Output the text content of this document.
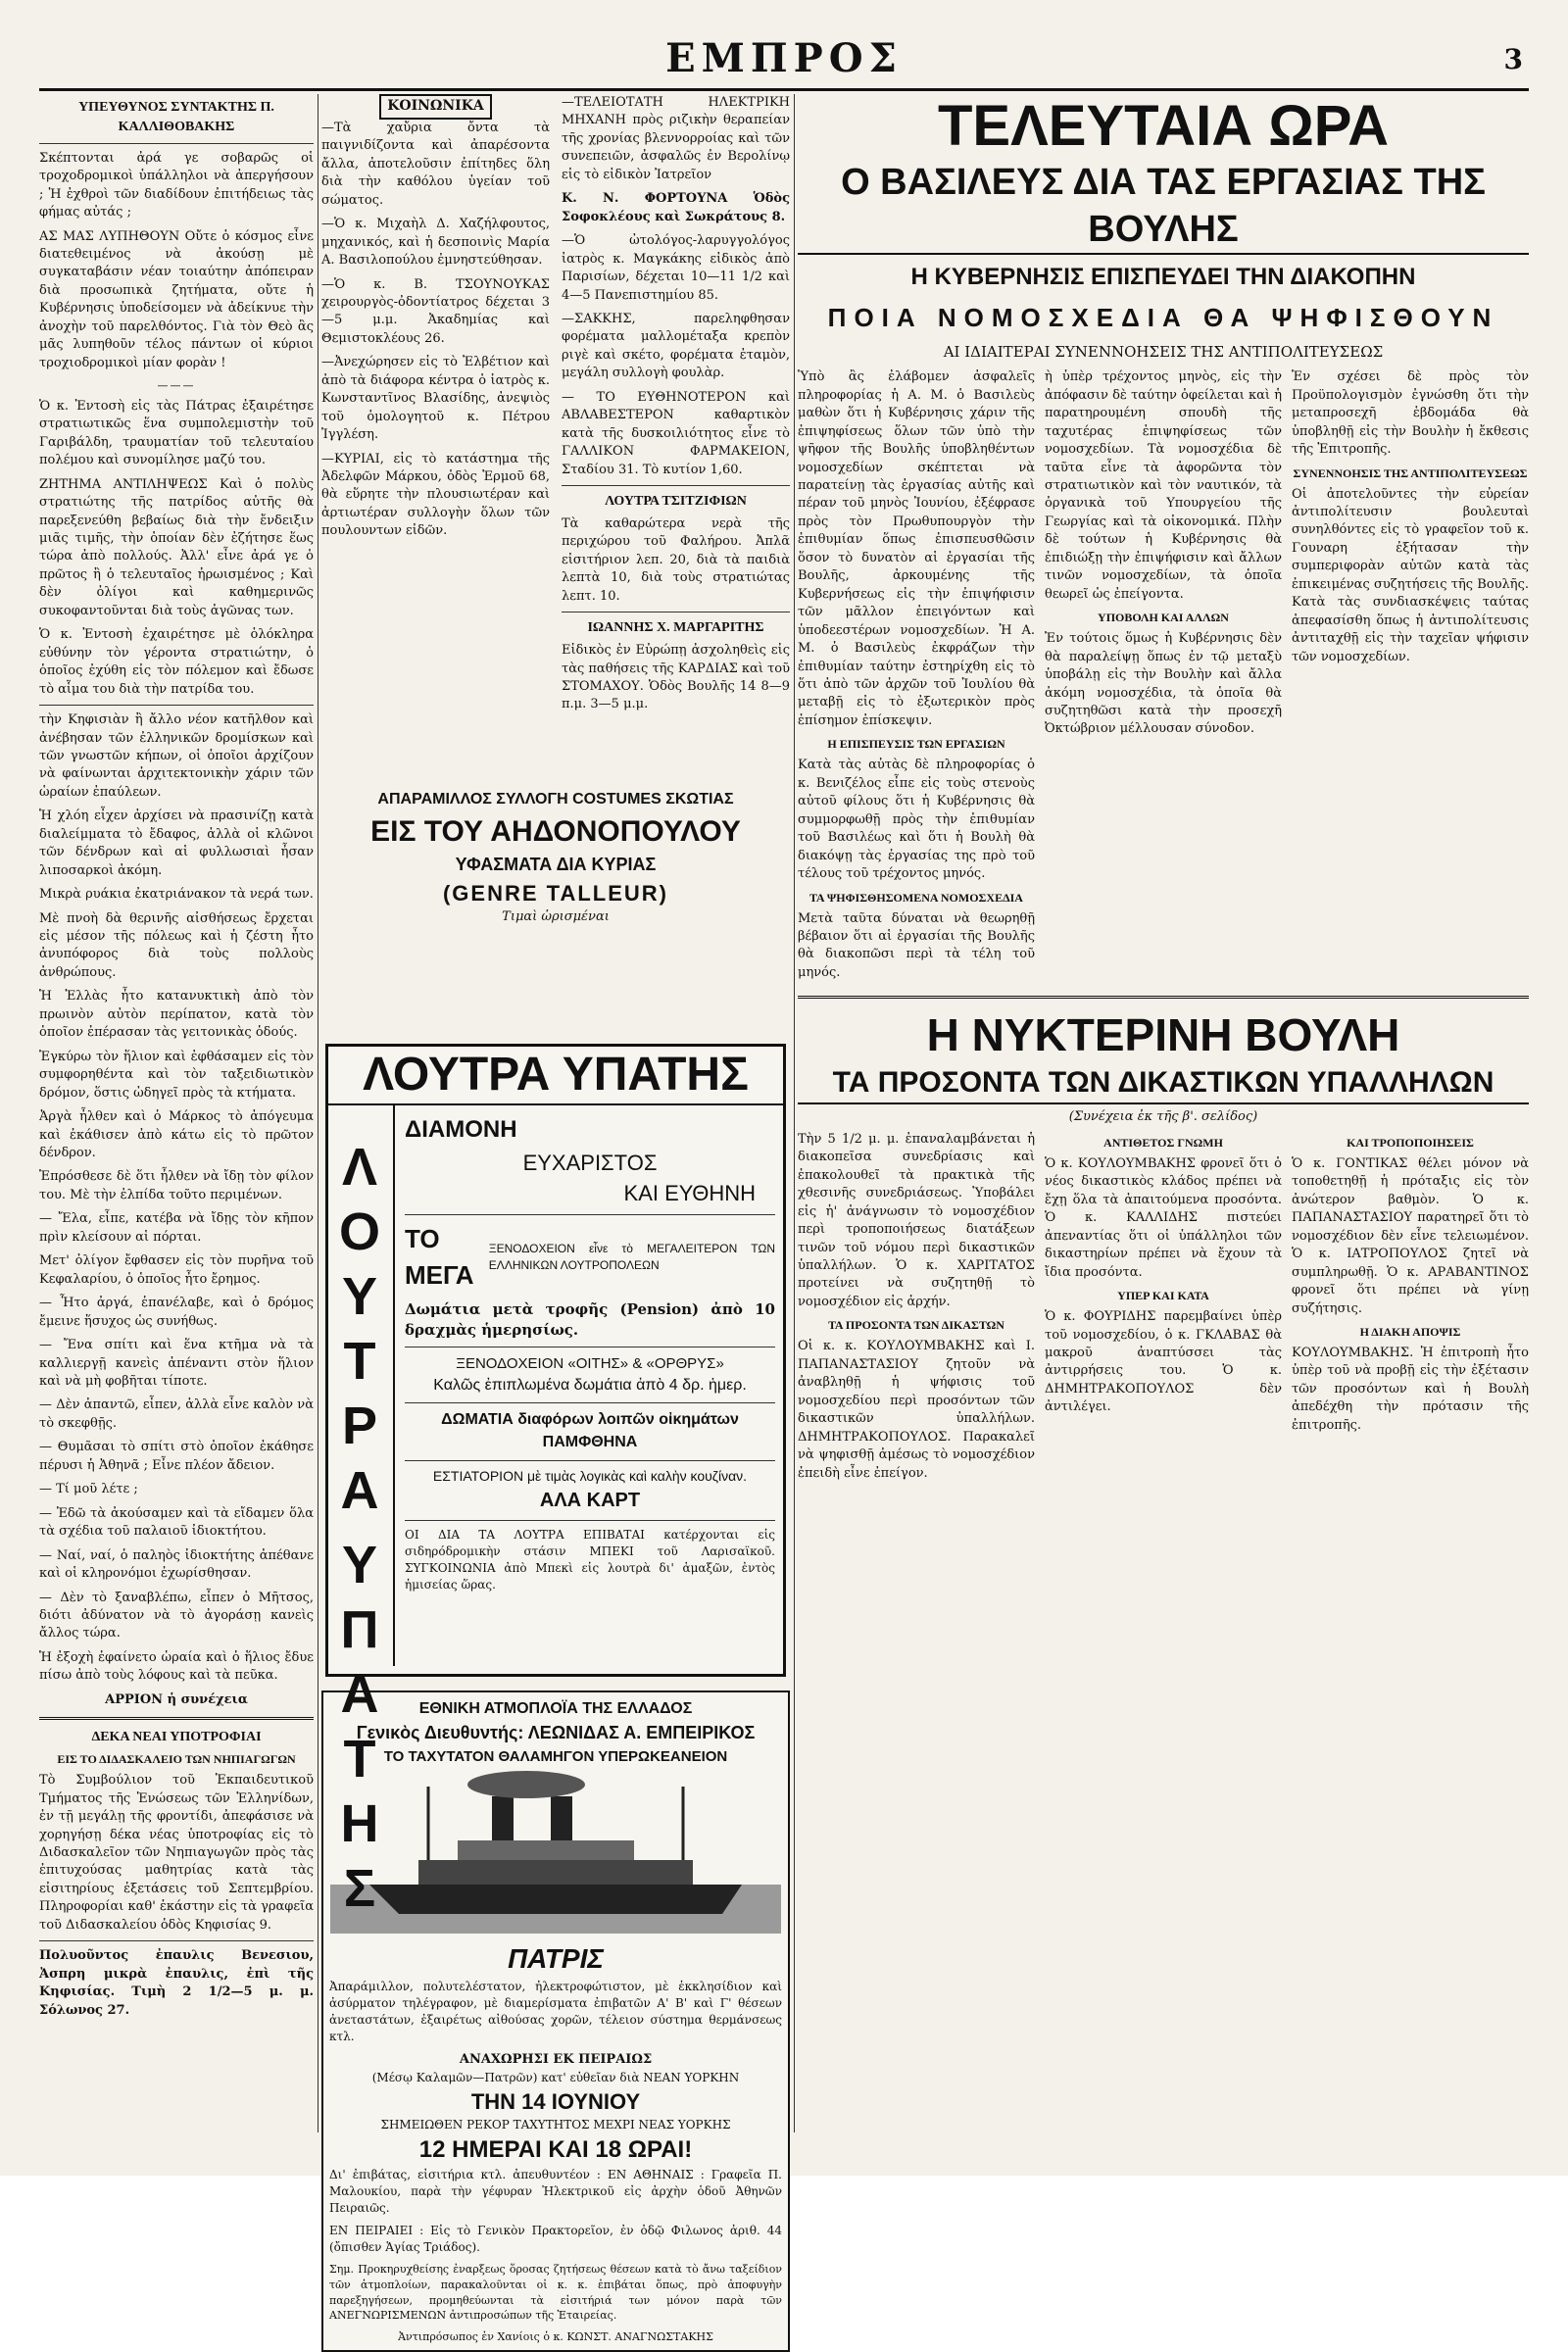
ΕΜΠΡΟΣ	3
ΥΠΕΥΘΥΝΟΣ ΣΥΝΤΑΚΤΗΣ Π. ΚΑΛΛΙΘΟΒΑΚΗΣ

Σκέπτονται ἀρά γε σοβαρῶς οἱ τροχοδρομικοὶ ὑπάλληλοι νὰ ἀπεργήσουν ; Ἡ ἐχθροὶ τῶν διαδίδουν ἐπιτήδειως τὰς φήμας αὐτάς ;

ΑΣ ΜΑΣ ΛΥΠΗΘΟΥΝ Οὔτε ὁ κόσμος εἶνε διατεθειμένος νὰ ἀκούσῃ μὲ συγκαταβάσιν νέαν τοιαύτην ἀπόπειραν διὰ προσωπικὰ ζητήματα, οὔτε ἡ Κυβέρνησις ὑποδείσομεν νὰ ἀδείκνυε τὴν ἀνοχὴν τοῦ παρελθόντος. Γιὰ τὸν Θεὸ ἂς μᾶς λυπηθοῦν τέλος πάντων οἱ κύριοι τροχιοδρομικοὶ μίαν φορὰν !

———

Ὁ κ. Ἐντοσὴ εἰς τὰς Πάτρας ἐξαιρέτησε στρατιωτικῶς ἕνα συμπολεμιστὴν τοῦ Γαριβάλδη, τραυματίαν τοῦ τελευταίου πολέμου καὶ συνομίλησε μαζύ του.

ΖΗΤΗΜΑ ΑΝΤΙΛΗΨΕΩΣ Καὶ ὁ πολὺς στρατιώτης τῆς πατρίδος αὐτῆς θὰ παρεξενεύθη βεβαίως διὰ τὴν ἔνδειξιν μιᾶς τιμῆς, τὴν ὁποίαν δὲν ἐζήτησε ἕως τώρα ἀπὸ πολλούς. Ἀλλ' εἶνε ἀρά γε ὁ πρῶτος ἢ ὁ τελευταῖος ἠρωισμένος ; Καὶ δὲν ὀλίγοι καὶ καθημερινῶς συκοφαντοῦνται διὰ τοὺς ἀγῶνας των.

Ὁ κ. Ἐντοσὴ ἐχαιρέτησε μὲ ὁλόκληρα εὐθύνην τὸν γέροντα στρατιώτην, ὁ ὁποῖος ἐχύθη εἰς τὸν πόλεμον καὶ ἔδωσε τὸ αἷμα του διὰ τὴν πατρίδα του.

τὴν Κηφισιὰν ἢ ἄλλο νέον κατῆλθον καὶ ἀνέβησαν τῶν ἐλληνικῶν δρομίσκων καὶ τῶν γνωστῶν κήπων, οἱ ὁποῖοι ἀρχίζουν νὰ φαίνωνται ἀρχιτεκτονικὴν χάριν τῶν ὡραίων ἐπαύλεων.

Ἡ χλόη εἶχεν ἀρχίσει νὰ πρασινίζῃ κατὰ διαλείμματα τὸ ἔδαφος, ἀλλὰ οἱ κλῶνοι τῶν δένδρων καὶ αἱ φυλλωσιαὶ ἦσαν λιποσαρκοὶ ἀκόμη.

Μικρὰ ρυάκια ἐκατριάνακον τὰ νερά των.

Μὲ πνοὴ δὰ θερινῆς αἰσθήσεως ἔρχεται εἰς μέσον τῆς πόλεως καὶ ἡ ζέστη ἦτο ἀνυπόφορος διὰ τοὺς πολλοὺς ἀνθρώπους.

Ἡ Ἑλλὰς ἦτο κατανυκτικὴ ἀπὸ τὸν πρωινὸν αὐτὸν περίπατον, κατὰ τὸν ὁποῖον ἐπέρασαν τὰς γειτονικὰς ὁδούς.

Ἐγκύρω τὸν ἥλιον καὶ ἐφθάσαμεν εἰς τὸν συμφορηθέντα καὶ τὸν ταξειδιωτικὸν δρόμον, ὅστις ὠδηγεῖ πρὸς τὰ κτήματα.

Ἀργὰ ἦλθεν καὶ ὁ Μάρκος τὸ ἀπόγευμα καὶ ἐκάθισεν ἀπὸ κάτω εἰς τὸ πρῶτον δένδρον.

Ἐπρόσθεσε δὲ ὅτι ἦλθεν νὰ ἴδῃ τὸν φίλον του. Μὲ τὴν ἐλπίδα τοῦτο περιμένων.

— Ἔλα, εἶπε, κατέβα νὰ ἴδῃς τὸν κῆπον πρὶν κλείσουν αἱ πόρται.

Μετ' ὀλίγον ἔφθασεν εἰς τὸν πυρῆνα τοῦ Κεφαλαρίου, ὁ ὁποῖος ἦτο ἔρημος.

— Ἦτο ἀργά, ἐπανέλαβε, καὶ ὁ δρόμος ἔμεινε ἥσυχος ὡς συνήθως.

— Ἔνα σπίτι καὶ ἕνα κτῆμα νὰ τὰ καλλιεργῇ κανεὶς ἀπέναντι στὸν ἥλιον καὶ νὰ μὴ φοβῆται τίποτε.

— Δὲν ἀπαντῶ, εἶπεν, ἀλλὰ εἶνε καλὸν νὰ τὸ σκεφθῇς.

— Θυμᾶσαι τὸ σπίτι στὸ ὁποῖον ἐκάθησε πέρυσι ἡ Ἀθηνᾶ ; Εἶνε πλέον ἄδειον.

— Τί μοῦ λέτε ;

— Ἐδῶ τὰ ἀκούσαμεν καὶ τὰ εἴδαμεν ὅλα τὰ σχέδια τοῦ παλαιοῦ ἰδιοκτήτου.

— Ναί, ναί, ὁ παληὸς ἰδιοκτήτης ἀπέθανε καὶ οἱ κληρονόμοι ἐχωρίσθησαν.

— Δὲν τὸ ξαναβλέπω, εἶπεν ὁ Μῆτσος, διότι ἀδύνατον νὰ τὸ ἀγοράσῃ κανεὶς ἄλλος τώρα.

Ἡ ἐξοχὴ ἐφαίνετο ὡραία καὶ ὁ ἥλιος ἔδυε πίσω ἀπὸ τοὺς λόφους καὶ τὰ πεῦκα.

ΑΡΡΙΟΝ ἡ συνέχεια
ΔΕΚΑ ΝΕΑΙ ΥΠΟΤΡΟΦΙΑΙ
ΕΙΣ ΤΟ ΔΙΔΑΣΚΑΛΕΙΟ ΤΩΝ ΝΗΠΙΑΓΩΓΩΝ

Τὸ Συμβούλιον τοῦ Ἐκπαιδευτικοῦ Τμήματος τῆς Ἑνώσεως τῶν Ἑλληνίδων, ἐν τῇ μεγάλῃ τῆς φροντίδι, ἀπεφάσισε νὰ χορηγήσῃ δέκα νέας ὑποτροφίας εἰς τὸ Διδασκαλεῖον τῶν Νηπιαγωγῶν πρὸς τὰς ἐπιτυχούσας μαθητρίας κατὰ τὰς εἰσιτηρίους ἐξετάσεις τοῦ Σεπτεμβρίου. Πληροφορίαι καθ' ἑκάστην εἰς τὰ γραφεῖα τοῦ Διδασκαλείου ὁδὸς Κηφισίας 9.

Πολυοῦντος ἐπαυλις Βενεσιου, Ἀσπρη μικρὰ ἐπαυλις, ἐπὶ τῆς Κηφισίας. Τιμὴ 2 1/2—5 μ. μ. Σόλωνος 27.

ΚΟΙΝΩΝΙΚΑ

—Τὰ χαὔρια ὄντα τὰ παιγνιδίζοντα καὶ ἀπαρέσοντα ἄλλα, ἀποτελοῦσιν ἐπίτηδες ὅλη διὰ τὴν καθόλου ὑγείαν τοῦ σώματος.

—Ὁ κ. Μιχαὴλ Δ. Χαζήλφουτος, μηχανικός, καὶ ἡ δεσποινὶς Μαρία Α. Βασιλοπούλου ἐμνηστεύθησαν.

—Ὁ κ. Β. ΤΣΟΥΝΟΥΚΑΣ χειρουργὸς-ὀδοντίατρος δέχεται 3—5 μ.μ. Ἀκαδημίας καὶ Θεμιστοκλέους 26.

—Ἀνεχώρησεν εἰς τὸ Ἐλβέτιον καὶ ἀπὸ τὰ διάφορα κέντρα ὁ ἰατρὸς κ. Κωνσταντῖνος Βλασίδης, ἀνεψιὸς τοῦ ὁμολογητοῦ κ. Πέτρου Ἰγγλέση.

—ΚΥΡΙΑΙ, εἰς τὸ κατάστημα τῆς Ἀδελφῶν Μάρκου, ὁδὸς Ἑρμοῦ 68, θὰ εὕρητε τὴν πλουσιωτέραν καὶ ἀρτιωτέραν συλλογὴν ὅλων τῶν πουλουντων εἰδῶν.

—ΤΕΛΕΙΟΤΑΤΗ ΗΛΕΚΤΡΙΚΗ ΜΗΧΑΝΗ πρὸς ριζικὴν θεραπείαν τῆς χρονίας βλεννορροίας καὶ τῶν συνεπειῶν, ἀσφαλῶς ἐν Βερολίνῳ εἰς τὸ εἰδικὸν Ἰατρεῖον

Κ. Ν. ΦΟΡΤΟΥΝΑ Ὁδὸς Σοφοκλέους καὶ Σωκράτους 8.

—Ὁ ὠτολόγος-λαρυγγολόγος ἰατρὸς κ. Μαγκάκης εἰδικὸς ἀπὸ Παρισίων, δέχεται 10—11 1/2 καὶ 4—5 Πανεπιστημίου 85.

—ΣΑΚΚΗΣ, παρεληφθησαν φορέματα μαλλομέταξα κρεπὸν ριγὲ καὶ σκέτο, φορέματα ἐταμὸν, μεγάλη συλλογὴ φουλὰρ.

— ΤΟ ΕΥΘΗΝΟΤΕΡΟΝ καὶ ΑΒΛΑΒΕΣΤΕΡΟΝ καθαρτικὸν κατὰ τῆς δυσκοιλιότητος εἶνε τὸ ΓΑΛΛΙΚΟΝ ΦΑΡΜΑΚΕΙΟΝ, Σταδίου 31. Τὸ κυτίον 1,60.

ΛΟΥΤΡΑ ΤΣΙΤΖΙΦΙΩΝ

Τὰ καθαρώτερα νερὰ τῆς περιχώρου τοῦ Φαλήρου. Ἀπλᾶ εἰσιτήριον λεπ. 20, διὰ τὰ παιδιὰ λεπτὰ 10, διὰ τοὺς στρατιώτας λεπτ. 10.

ΙΩΑΝΝΗΣ Χ. ΜΑΡΓΑΡΙΤΗΣ

Εἰδικὸς ἐν Εὐρώπῃ ἀσχοληθεὶς εἰς τὰς παθήσεις τῆς ΚΑΡΔΙΑΣ καὶ τοῦ ΣΤΟΜΑΧΟΥ. Ὁδὸς Βουλῆς 14 8—9 π.μ. 3—5 μ.μ.

ΑΠΑΡΑΜΙΛΛΟΣ ΣΥΛΛΟΓΗ COSTUMES ΣΚΩΤΙΑΣ
ΕΙΣ ΤΟΥ ΑΗΔΟΝΟΠΟΥΛΟΥ
ΥΦΑΣΜΑΤΑ ΔΙΑ ΚΥΡΙΑΣ
(GENRE TALLEUR)
Τιμαὶ ὡρισμέναι
ΛΟΥΤΡΑ ΥΠΑΤΗΣ
Λ
Ο
Υ
Τ
Ρ
Α
Υ
Π
Α
Τ
Η
Σ
ΔΙΑΜΟΝΗ
ΕΥΧΑΡΙΣΤΟΣ
ΚΑΙ ΕΥΘΗΝΗ
ΤΟ ΜΕΓΑ
ΞΕΝΟΔΟΧΕΙΟΝ εἶνε τὸ ΜΕΓΑΛΕΙΤΕΡΟΝ ΤΩΝ ΕΛΛΗΝΙΚΩΝ ΛΟΥΤΡΟΠΟΛΕΩΝ
Δωμάτια μετὰ τροφῆς (Pension) ἀπὸ 10 δραχμὰς ἡμερησίως.
ΞΕΝΟΔΟΧΕΙΟΝ «ΟΙΤΗΣ» & «ΟΡΘΡΥΣ»
Καλῶς ἐπιπλωμένα δωμάτια ἀπὸ 4 δρ. ἡμερ.
ΔΩΜΑΤΙΑ διαφόρων λοιπῶν οἰκημάτων ΠΑΜΦΘΗΝΑ
ΕΣΤΙΑΤΟΡΙΟΝ μὲ τιμὰς λογικὰς καὶ καλὴν κουζίναν.
ΑΛΑ ΚΑΡΤ
ΟΙ ΔΙΑ ΤΑ ΛΟΥΤΡΑ ΕΠΙΒΑΤΑΙ κατέρχονται εἰς σιδηρόδρομικὴν στάσιν ΜΠΕΚΙ τοῦ Λαρισαϊκοῦ. ΣΥΓΚΟΙΝΩΝΙΑ ἀπὸ Μπεκὶ εἰς λουτρὰ δι' ἁμαξῶν, ἐντὸς ἡμισείας ὥρας.
ΕΘΝΙΚΗ ΑΤΜΟΠΛΟΪΑ ΤΗΣ ΕΛΛΑΔΟΣ
Γενικὸς Διευθυντής: ΛΕΩΝΙΔΑΣ Α. ΕΜΠΕΙΡΙΚΟΣ
ΤΟ ΤΑΧΥΤΑΤΟΝ ΘΑΛΑΜΗΓΟΝ ΥΠΕΡΩΚΕΑΝΕΙΟΝ
ΠΑΤΡΙΣ

Ἀπαράμιλλον, πολυτελέστατον, ἠλεκτροφώτιστον, μὲ ἐκκλησίδιον καὶ ἀσύρματον τηλέγραφον, μὲ διαμερίσματα ἐπιβατῶν Α' Β' καὶ Γ' θέσεων ἀνεταστάτων, ἐξαιρέτως αἰθούσας χορῶν, τέλειον σύστημα θερμάνσεως κτλ.

ΑΝΑΧΩΡΗΣΙ ΕΚ ΠΕΙΡΑΙΩΣ
(Μέσῳ Καλαμῶν—Πατρῶν) κατ' εὐθεῖαν διὰ ΝΕΑΝ ΥΟΡΚΗΝ
ΤΗΝ 14 ΙΟΥΝΙΟΥ
ΣΗΜΕΙΩΘΕΝ ΡΕΚΟΡ ΤΑΧΥΤΗΤΟΣ ΜΕΧΡΙ ΝΕΑΣ ΥΟΡΚΗΣ
12 ΗΜΕΡΑΙ ΚΑΙ 18 ΩΡΑΙ!

Δι' ἐπιβάτας, εἰσιτήρια κτλ. ἀπευθυντέον : ΕΝ ΑΘΗΝΑΙΣ : Γραφεῖα Π. Μαλουκίου, παρὰ τὴν γέφυραν Ἠλεκτρικοῦ εἰς ἀρχὴν ὁδοῦ Ἀθηνῶν Πειραιῶς.

ΕΝ ΠΕΙΡΑΙΕΙ : Εἰς τὸ Γενικὸν Πρακτορεῖον, ἐν ὁδῷ Φιλωνος ἀριθ. 44 (ὄπισθεν Ἁγίας Τριάδος).

Σημ. Προκηρυχθείσης ἐναρξεως ὅροσας ζητήσεως θέσεων κατὰ τὸ ἄνω ταξείδιον τῶν ἀτμοπλοίων, παρακαλοῦνται οἱ κ. κ. ἐπιβάται ὅπως, πρὸ ἀποφυγὴν παρεξηγήσεων, προμηθεύωνται τὰ εἰσιτήριά των μόνον παρὰ τῶν ΑΝΕΓΝΩΡΙΣΜΕΝΩΝ ἀντιπροσώπων τῆς Ἑταιρείας.

Ἀντιπρόσωπος ἐν Χανίοις ὁ κ. ΚΩΝΣΤ. ΑΝΑΓΝΩΣΤΑΚΗΣ
ΤΕΛΕΥΤΑΙΑ ΩΡΑ
Ο ΒΑΣΙΛΕΥΣ ΔΙΑ ΤΑΣ ΕΡΓΑΣΙΑΣ ΤΗΣ ΒΟΥΛΗΣ
Η ΚΥΒΕΡΝΗΣΙΣ ΕΠΙΣΠΕΥΔΕΙ ΤΗΝ ΔΙΑΚΟΠΗΝ
ΠΟΙΑ ΝΟΜΟΣΧΕΔΙΑ ΘΑ ΨΗΦΙΣΘΟΥΝ
ΑΙ ΙΔΙΑΙΤΕΡΑΙ ΣΥΝΕΝΝΟΗΣΕΙΣ ΤΗΣ ΑΝΤΙΠΟΛΙΤΕΥΣΕΩΣ

Ὑπὸ ἂς ἐλάβομεν ἀσφαλεῖς πληροφορίας ἡ Α. Μ. ὁ Βασιλεὺς μαθὼν ὅτι ἡ Κυβέρνησις χάριν τῆς ἐπιψηφίσεως ὅλων τῶν ὑπὸ τὴν ψῆφον τῆς Βουλῆς ὑποβληθέντων νομοσχεδίων σκέπτεται νὰ παρατείνῃ τὰς ἐργασίας αὐτῆς καὶ πέραν τοῦ μηνὸς Ἰουνίου, ἐξέφρασε πρὸς τὸν Πρωθυπουργὸν τὴν ἐπιθυμίαν ὅπως ἐπισπευσθῶσιν ὅσον τὸ δυνατὸν αἱ ἐργασίαι τῆς Βουλῆς, ἀρκουμένης τῆς Κυβερνήσεως εἰς τὴν ἐπιψήφισιν τῶν μᾶλλον ἐπειγόντων καὶ ὑποδεεστέρων νομοσχεδίων. Ἡ Α. Μ. ὁ Βασιλεὺς ἐκφράζων τὴν ἐπιθυμίαν ταύτην ἐστηρίχθη εἰς τὸ ὅτι ἀπὸ τῶν ἀρχῶν τοῦ Ἰουλίου θὰ μεταβῇ εἰς τὸ ἐξωτερικὸν πρὸς ἐπίσημον ἐπίσκεψιν.

Η ΕΠΙΣΠΕΥΣΙΣ ΤΩΝ ΕΡΓΑΣΙΩΝ

Κατὰ τὰς αὐτὰς δὲ πληροφορίας ὁ κ. Βενιζέλος εἶπε εἰς τοὺς στενοὺς αὐτοῦ φίλους ὅτι ἡ Κυβέρνησις θὰ συμμορφωθῇ πρὸς τὴν ἐπιθυμίαν τοῦ Βασιλέως καὶ ὅτι ἡ Βουλὴ θὰ διακόψῃ τὰς ἐργασίας της πρὸ τοῦ τέλους τοῦ τρέχοντος μηνός.

ΤΑ ΨΗΦΙΣΘΗΣΟΜΕΝΑ ΝΟΜΟΣΧΕΔΙΑ

Μετὰ ταῦτα δύναται νὰ θεωρηθῇ βέβαιον ὅτι αἱ ἐργασίαι τῆς Βουλῆς θὰ διακοπῶσι περὶ τὰ τέλη τοῦ μηνός.

ὴ ὑπὲρ τρέχοντος μηνὸς, εἰς τὴν ἀπόφασιν δὲ ταύτην ὀφείλεται καὶ ἡ παρατηρουμένη σπουδὴ τῆς ταχυτέρας ἐπιψηφίσεως τῶν νομοσχεδίων. Τὰ νομοσχέδια δὲ ταῦτα εἶνε τὰ ἀφορῶντα τὸν στρατιωτικὸν καὶ τὸν ναυτικόν, τὰ ὀργανικὰ τοῦ Υπουργείου τῆς Γεωργίας καὶ τὰ οἰκονομικά. Πλὴν δὲ τούτων ἡ Κυβέρνησις θὰ ἐπιδιώξῃ τὴν ἐπιψήφισιν καὶ ἄλλων τινῶν νομοσχεδίων, τὰ ὁποῖα θεωρεῖ ὡς ἐπείγοντα.

ΥΠΟΒΟΛΗ ΚΑΙ ΑΛΛΩΝ

Ἐν τούτοις ὅμως ἡ Κυβέρνησις δὲν θὰ παραλείψῃ ὅπως ἐν τῷ μεταξὺ ὑποβάλῃ εἰς τὴν Βουλὴν καὶ ἄλλα ἀκόμη νομοσχέδια, τὰ ὁποῖα θὰ συζητηθῶσι κατὰ τὴν προσεχῆ Ὀκτώβριον μέλλουσαν σύνοδον.

Ἐν σχέσει δὲ πρὸς τὸν Προϋπολογισμὸν ἐγνώσθη ὅτι τὴν μεταπροσεχῆ ἑβδομάδα θὰ ὑποβληθῇ εἰς τὴν Βουλὴν ἡ ἔκθεσις τῆς Ἐπιτροπῆς.

ΣΥΝΕΝΝΟΗΣΙΣ ΤΗΣ ΑΝΤΙΠΟΛΙΤΕΥΣΕΩΣ

Οἱ ἀποτελοῦντες τὴν εὐρείαν ἀντιπολίτευσιν βουλευταὶ συνηλθόντες εἰς τὸ γραφεῖον τοῦ κ. Γουναρη ἐξήτασαν τὴν συμπεριφορὰν αὐτῶν κατὰ τὰς ἐπικειμένας συζητήσεις τῆς Βουλῆς. Κατὰ τὰς συνδιασκέψεις ταύτας ἀπεφασίσθη ὅπως ἡ ἀντιπολίτευσις ἀντιταχθῇ εἰς τὴν ταχεῖαν ψήφισιν τῶν νομοσχεδίων.

Η ΝΥΚΤΕΡΙΝΗ ΒΟΥΛΗ
ΤΑ ΠΡΟΣΟΝΤΑ ΤΩΝ ΔΙΚΑΣΤΙΚΩΝ ΥΠΑΛΛΗΛΩΝ
(Συνέχεια ἐκ τῆς β'. σελίδος)

Τὴν 5 1/2 μ. μ. ἐπαναλαμβάνεται ἡ διακοπεῖσα συνεδρίασις καὶ ἐπακολουθεῖ τὰ πρακτικὰ τῆς χθεσινῆς συνεδριάσεως. Ὑποβάλει εἰς ἡ' ἀνάγνωσιν τὸ νομοσχέδιον περὶ τροποποιήσεως διατάξεων τινῶν τοῦ νόμου περὶ δικαστικῶν ὑπαλλήλων. Ὁ κ. ΧΑΡΙΤΑΤΟΣ προτείνει νὰ συζητηθῇ τὸ νομοσχέδιον εἰς ἀρχήν.

ΤΑ ΠΡΟΣΟΝΤΑ ΤΩΝ ΔΙΚΑΣΤΩΝ

Οἱ κ. κ. ΚΟΥΛΟΥΜΒΑΚΗΣ καὶ Ι. ΠΑΠΑΝΑΣΤΑΣΙΟΥ ζητοῦν νὰ ἀναβληθῇ ἡ ψήφισις τοῦ νομοσχεδίου περὶ προσόντων τῶν δικαστικῶν ὑπαλλήλων. ΔΗΜΗΤΡΑΚΟΠΟΥΛΟΣ. Παρακαλεῖ νὰ ψηφισθῇ ἀμέσως τὸ νομοσχέδιον ἐπειδὴ εἶνε ἐπείγον.

ΑΝΤΙΘΕΤΟΣ ΓΝΩΜΗ

Ὁ κ. ΚΟΥΛΟΥΜΒΑΚΗΣ φρονεῖ ὅτι ὁ νέος δικαστικὸς κλάδος πρέπει νὰ ἔχῃ ὅλα τὰ ἀπαιτούμενα προσόντα. Ὁ κ. ΚΑΛΛΙΔΗΣ πιστεύει ἀπεναντίας ὅτι οἱ ὑπάλληλοι τῶν δικαστηρίων πρέπει νὰ ἔχουν τὰ ἴδια προσόντα.

ΥΠΕΡ ΚΑΙ ΚΑΤΑ

Ὁ κ. ΦΟΥΡΙΔΗΣ παρεμβαίνει ὑπὲρ τοῦ νομοσχεδίου, ὁ κ. ΓΚΛΑΒΑΣ θὰ μακροῦ ἀναπτύσσει τὰς ἀντιρρήσεις του. Ὁ κ. ΔΗΜΗΤΡΑΚΟΠΟΥΛΟΣ δὲν ἀντιλέγει.

ΚΑΙ ΤΡΟΠΟΠΟΙΗΣΕΙΣ

Ὁ κ. ΓΟΝΤΙΚΑΣ θέλει μόνον νὰ τοποθετηθῇ ἡ πρόταξις εἰς τὸν ἀνώτερον βαθμὸν. Ὁ κ. ΠΑΠΑΝΑΣΤΑΣΙΟΥ παρατηρεῖ ὅτι τὸ νομοσχέδιον δὲν εἶνε τελειωμένον. Ὁ κ. ΙΑΤΡΟΠΟΥΛΟΣ ζητεῖ νὰ συμπληρωθῇ. Ὁ κ. ΑΡΑΒΑΝΤΙΝΟΣ φρονεῖ ὅτι πρέπει νὰ γίνῃ συζήτησις.

Η ΔΙΑΚΗ ΑΠΟΨΙΣ

ΚΟΥΛΟΥΜΒΑΚΗΣ. Ἡ ἐπιτροπὴ ἦτο ὑπὲρ τοῦ νὰ προβῇ εἰς τὴν ἐξέτασιν τῶν προσόντων καὶ ἡ Βουλὴ ἀπεδέχθη τὴν πρότασιν τῆς ἐπιτροπῆς.
